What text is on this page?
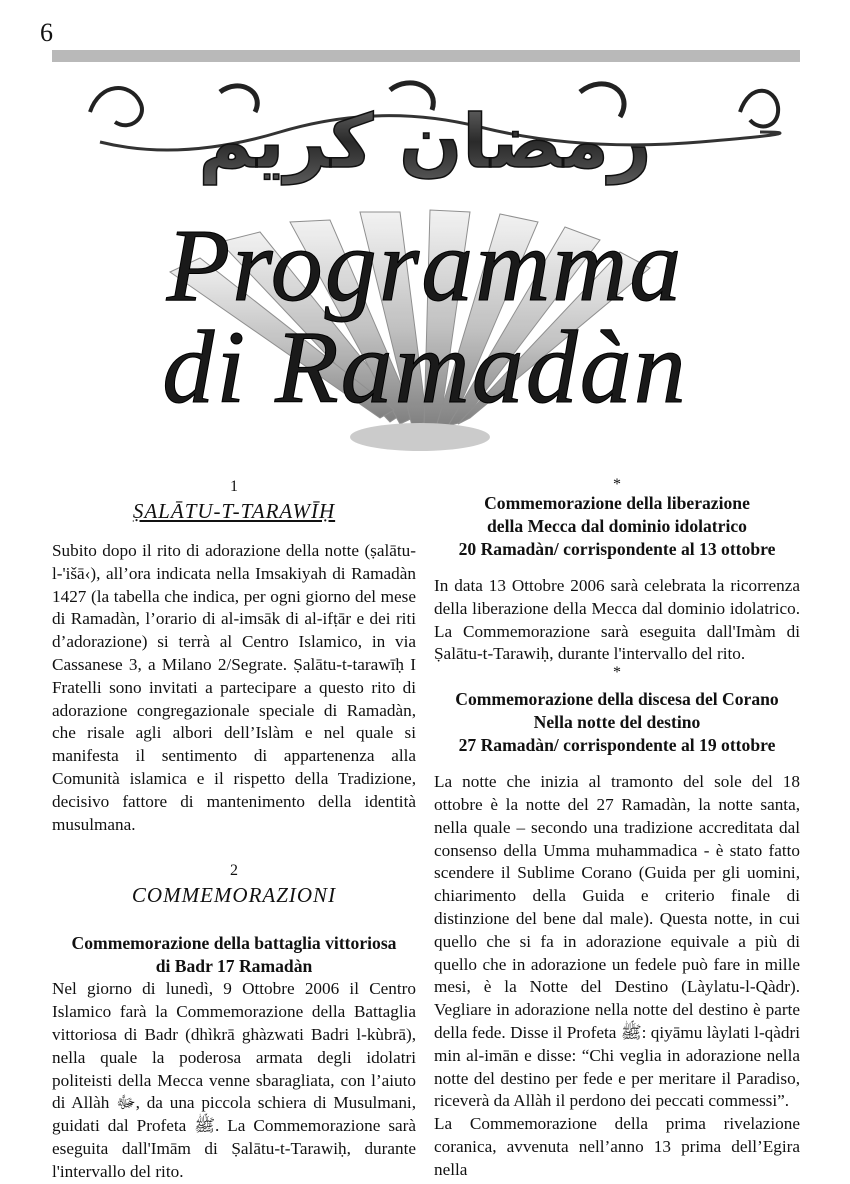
6
رمضان كريم
Programma
di Ramadàn
1
ṢALĀTU-T-TARAWĪḤ

Subito dopo il rito di adorazione della notte (ṣalātu-l-'išā‹), all’ora indicata nella Imsakiyah di Ramadàn 1427 (la tabella che indica, per ogni giorno del mese di Ramadàn, l’orario di al-imsāk di al-ifṭār e dei riti d’adorazione) si terrà al Centro Islamico, in via Cassanese 3, a Milano 2/Segrate. Ṣalātu-t-tarawīḥ I Fratelli sono invitati a partecipare a questo rito di adorazione congregazionale speciale di Ramadàn, che risale agli albori dell’Islàm e nel quale si manifesta il sentimento di appartenenza alla Comunità islamica e il rispetto della Tradizione, decisivo fattore di mantenimento della identità musulmana.

2
COMMEMORAZIONI

Commemorazione della battaglia vittoriosa

di Badr 17 Ramadàn

Nel giorno di lunedì, 9 Ottobre 2006 il Centro Islamico farà la Commemorazione della Battaglia vittoriosa di Badr (dhìkrā ghàzwati Badri l-kùbrā), nella quale la poderosa armata degli idolatri politeisti della Mecca venne sbaragliata, con l’aiuto di Allàh ﷻ, da una piccola schiera di Musulmani, guidati dal Profeta ﷺ. La Commemorazione sarà eseguita dall'Imām di Ṣalātu-t-Tarawiḥ, durante l'intervallo del rito.

*

Commemorazione della liberazione

della Mecca dal dominio idolatrico

20 Ramadàn/ corrispondente al 13 ottobre

In data 13 Ottobre 2006 sarà celebrata la ricorrenza della liberazione della Mecca dal dominio idolatrico. La Commemorazione sarà eseguita dall'Imàm di Ṣalātu-t-Tarawiḥ, durante l'intervallo del rito.

*

Commemorazione della discesa del Corano

Nella notte del destino

27 Ramadàn/ corrispondente al 19 ottobre

La notte che inizia al tramonto del sole del 18 ottobre è la notte del 27 Ramadàn, la notte santa, nella quale – secondo una tradizione accreditata dal consenso della Umma muhammadica - è stato fatto scendere il Sublime Corano (Guida per gli uomini, chiarimento della Guida e criterio finale di distinzione del bene dal male). Questa notte, in cui quello che si fa in adorazione equivale a più di quello che in adorazione un fedele può fare in mille mesi, è la Notte del Destino (Làylatu-l-Qàdr). Vegliare in adorazione nella notte del destino è parte della fede. Disse il Profeta ﷺ: qiyāmu làylati l-qàdri min al-imān e disse: “Chi veglia in adorazione nella notte del destino per fede e per meritare il Paradiso, riceverà da Allàh il perdono dei peccati commessi”.

La Commemorazione della prima rivelazione coranica, avvenuta nell’anno 13 prima dell’Egira nella
